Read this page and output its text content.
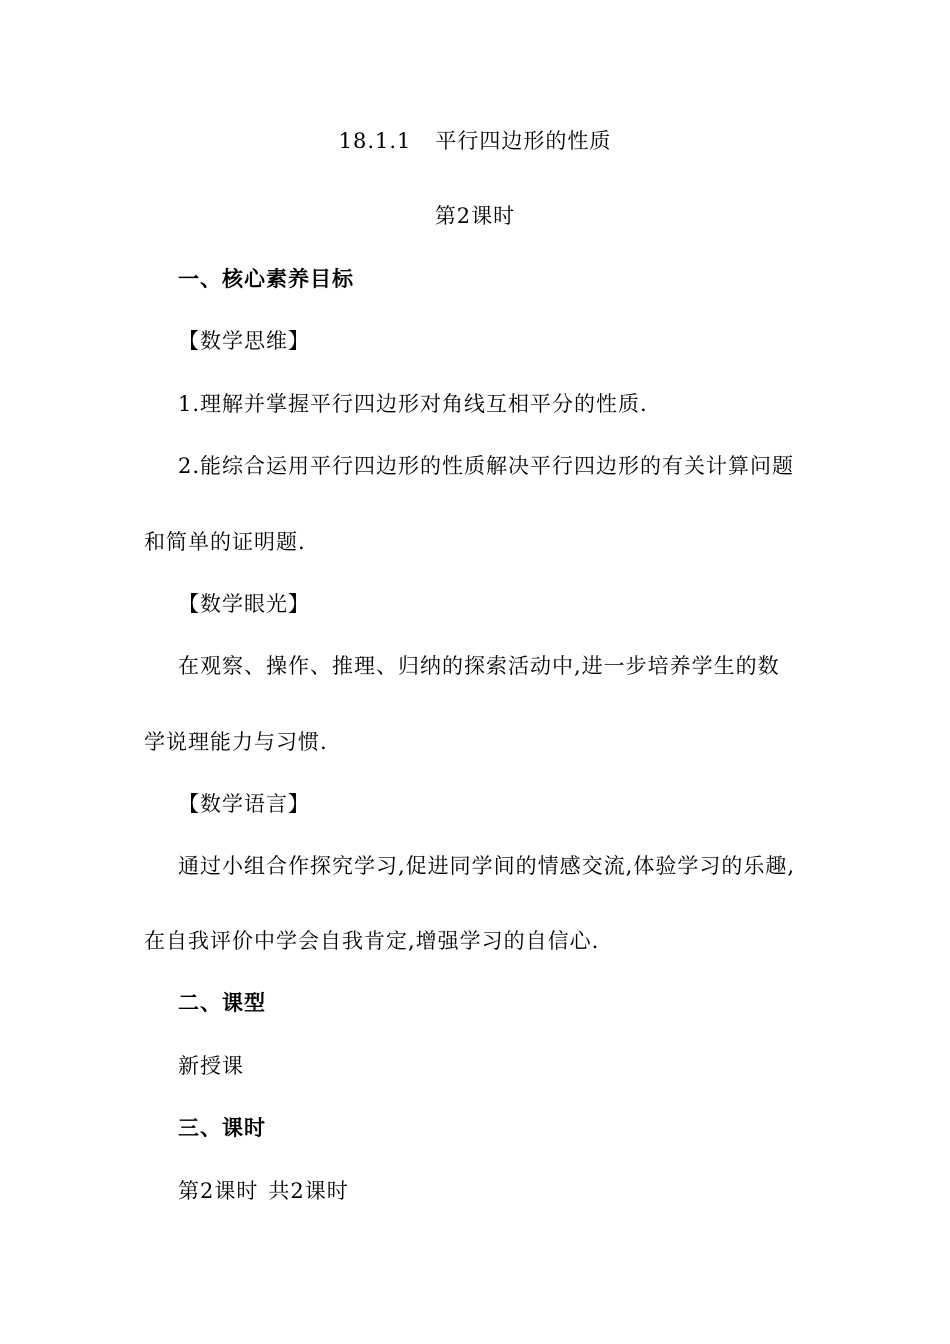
18.1.1 平行四边形的性质
第2课时
一、核心素养目标
【数学思维】
1.理解并掌握平行四边形对角线互相平分的性质.
2.能综合运用平行四边形的性质解决平行四边形的有关计算问题
和简单的证明题.
【数学眼光】
在观察、操作、推理、归纳的探索活动中,进一步培养学生的数
学说理能力与习惯.
【数学语言】
通过小组合作探究学习,促进同学间的情感交流,体验学习的乐趣,
在自我评价中学会自我肯定,增强学习的自信心.
二、课型
新授课
三、课时
第2课时 共2课时
